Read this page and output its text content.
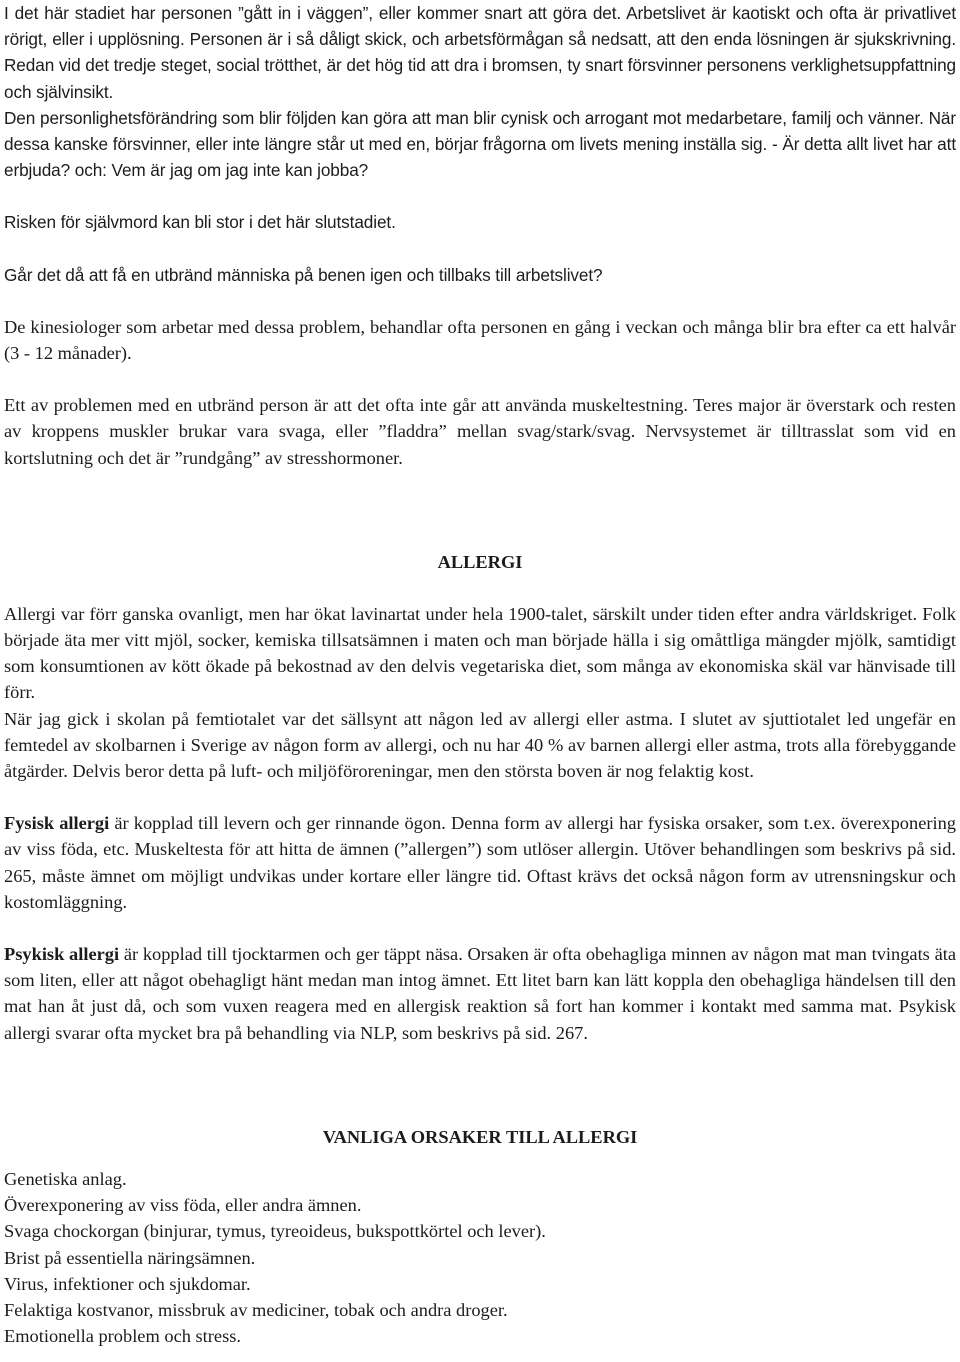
I det här stadiet har personen ”gått in i väggen”, eller kommer snart att göra det. Arbetslivet är kaotiskt och ofta är privatlivet rörigt, eller i upplösning. Personen är i så dåligt skick, och arbetsförmågan så nedsatt, att den enda lösningen är sjukskrivning. Redan vid det tredje steget, social trötthet, är det hög tid att dra i bromsen, ty snart försvinner personens verklighetsuppfattning och självinsikt.

Den personlighetsförändring som blir följden kan göra att man blir cynisk och arrogant mot medarbetare, familj och vänner. När dessa kanske försvinner, eller inte längre står ut med en, börjar frågorna om livets mening inställa sig. - Är detta allt livet har att erbjuda? och: Vem är jag om jag inte kan jobba?

Risken för självmord kan bli stor i det här slutstadiet.

Går det då att få en utbränd människa på benen igen och tillbaks till arbetslivet?

De kinesiologer som arbetar med dessa problem, behandlar ofta personen en gång i veckan och många blir bra efter ca ett halvår (3 - 12 månader).

Ett av problemen med en utbränd person är att det ofta inte går att använda muskeltestning. Teres major är överstark och resten av kroppens muskler brukar vara svaga, eller ”fladdra” mellan svag/stark/svag. Nervsystemet är tilltrasslat som vid en kortslutning och det är ”rundgång” av stresshormoner.

ALLERGI

Allergi var förr ganska ovanligt, men har ökat lavinartat under hela 1900-talet, särskilt under tiden efter andra världskriget. Folk började äta mer vitt mjöl, socker, kemiska tillsatsämnen i maten och man började hälla i sig omåttliga mängder mjölk, samtidigt som konsumtionen av kött ökade på bekostnad av den delvis vegetariska diet, som många av ekonomiska skäl var hänvisade till förr.

När jag gick i skolan på femtiotalet var det sällsynt att någon led av allergi eller astma. I slutet av sjuttiotalet led ungefär en femtedel av skolbarnen i Sverige av någon form av allergi, och nu har 40 % av barnen allergi eller astma, trots alla förebyggande åtgärder. Delvis beror detta på luft- och miljöföroreningar, men den största boven är nog felaktig kost.

Fysisk allergi är kopplad till levern och ger rinnande ögon. Denna form av allergi har fysiska orsaker, som t.ex. överexponering av viss föda, etc. Muskeltesta för att hitta de ämnen (”allergen”) som utlöser allergin. Utöver behandlingen som beskrivs på sid. 265, måste ämnet om möjligt undvikas under kortare eller längre tid. Oftast krävs det också någon form av utrensningskur och kostomläggning.

Psykisk allergi är kopplad till tjocktarmen och ger täppt näsa. Orsaken är ofta obehagliga minnen av någon mat man tvingats äta som liten, eller att något obehagligt hänt medan man intog ämnet. Ett litet barn kan lätt koppla den obehagliga händelsen till den mat han åt just då, och som vuxen reagera med en allergisk reaktion så fort han kommer i kontakt med samma mat. Psykisk allergi svarar ofta mycket bra på behandling via NLP, som beskrivs på sid. 267.

VANLIGA ORSAKER TILL ALLERGI

Genetiska anlag.

Överexponering av viss föda, eller andra ämnen.

Svaga chockorgan (binjurar, tymus, tyreoideus, bukspottkörtel och lever).

Brist på essentiella näringsämnen.

Virus, infektioner och sjukdomar.

Felaktiga kostvanor, missbruk av mediciner, tobak och andra droger.

Emotionella problem och stress.
